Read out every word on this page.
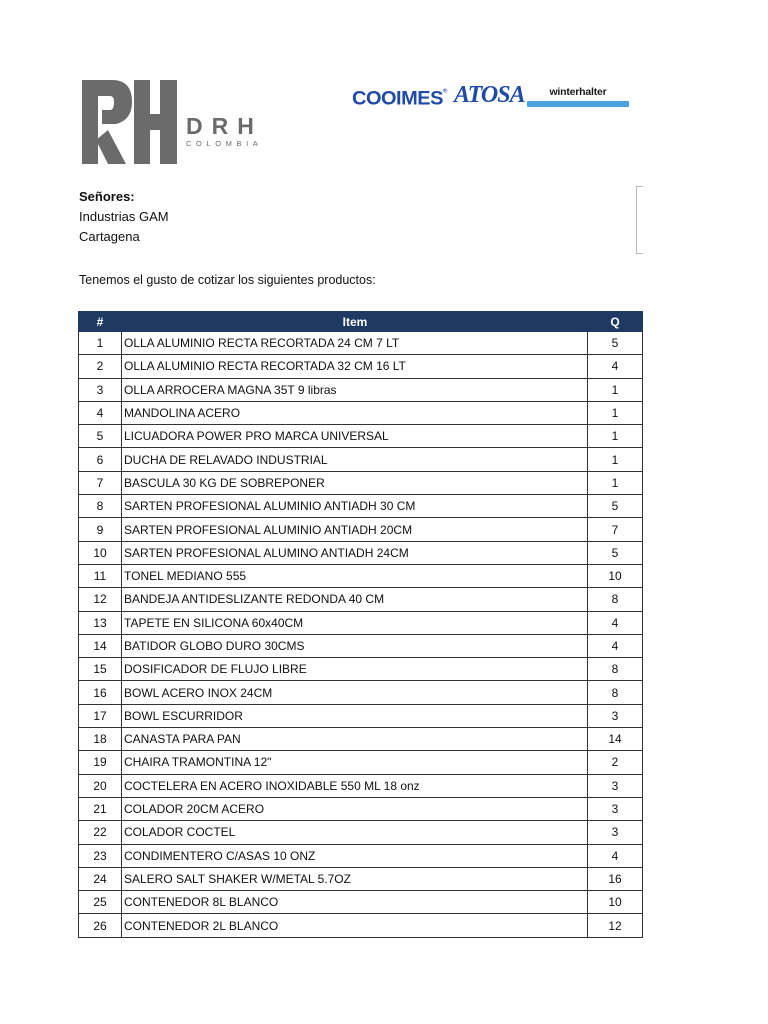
DRH
COLOMBIA
COOIMES® ATOSA	winterhalter
Señores:
Industrias GAM
Cartagena
Tenemos el gusto de cotizar los siguientes productos:
#	Item	Q
1	OLLA ALUMINIO RECTA RECORTADA 24 CM 7 LT	5
2	OLLA ALUMINIO RECTA RECORTADA 32 CM 16 LT	4
3	OLLA ARROCERA MAGNA 35T 9 libras	1
4	MANDOLINA ACERO	1
5	LICUADORA POWER PRO MARCA UNIVERSAL	1
6	DUCHA DE RELAVADO INDUSTRIAL	1
7	BASCULA 30 KG DE SOBREPONER	1
8	SARTEN PROFESIONAL ALUMINIO ANTIADH 30 CM	5
9	SARTEN PROFESIONAL ALUMINIO ANTIADH 20CM	7
10	SARTEN PROFESIONAL ALUMINO ANTIADH 24CM	5
11	TONEL MEDIANO 555	10
12	BANDEJA ANTIDESLIZANTE REDONDA 40 CM	8
13	TAPETE EN SILICONA 60x40CM	4
14	BATIDOR GLOBO DURO 30CMS	4
15	DOSIFICADOR DE FLUJO LIBRE	8
16	BOWL ACERO INOX 24CM	8
17	BOWL ESCURRIDOR	3
18	CANASTA PARA PAN	14
19	CHAIRA TRAMONTINA 12"	2
20	COCTELERA EN ACERO INOXIDABLE 550 ML 18 onz	3
21	COLADOR 20CM ACERO	3
22	COLADOR COCTEL	3
23	CONDIMENTERO C/ASAS 10 ONZ	4
24	SALERO SALT SHAKER W/METAL 5.7OZ	16
25	CONTENEDOR 8L BLANCO	10
26	CONTENEDOR 2L BLANCO	12
